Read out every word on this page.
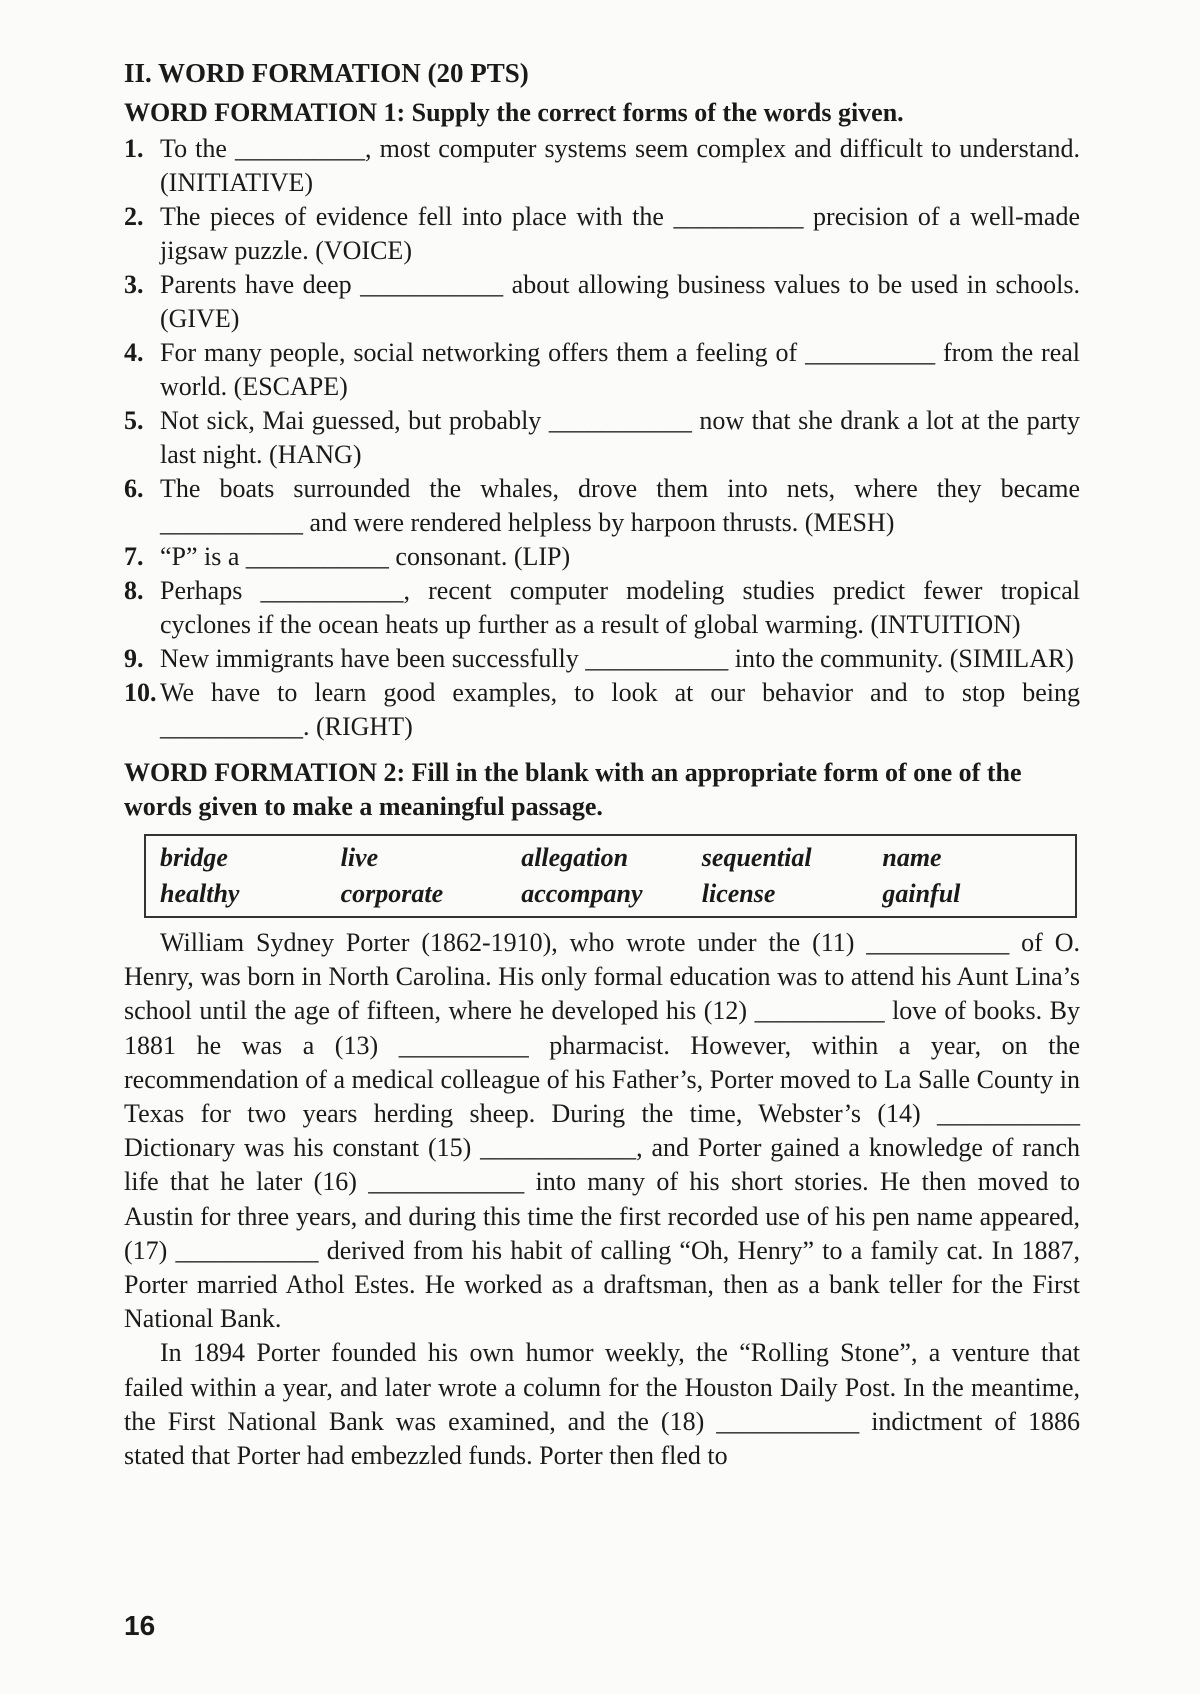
II. WORD FORMATION (20 PTS)
WORD FORMATION 1: Supply the correct forms of the words given.
1. To the __________, most computer systems seem complex and difficult to understand. (INITIATIVE)
2. The pieces of evidence fell into place with the __________ precision of a well-made jigsaw puzzle. (VOICE)
3. Parents have deep ___________ about allowing business values to be used in schools. (GIVE)
4. For many people, social networking offers them a feeling of __________ from the real world. (ESCAPE)
5. Not sick, Mai guessed, but probably ___________ now that she drank a lot at the party last night. (HANG)
6. The boats surrounded the whales, drove them into nets, where they became ___________ and were rendered helpless by harpoon thrusts. (MESH)
7. “P” is a ___________ consonant. (LIP)
8. Perhaps ___________, recent computer modeling studies predict fewer tropical cyclones if the ocean heats up further as a result of global warming. (INTUITION)
9. New immigrants have been successfully ___________ into the community. (SIMILAR)
10. We have to learn good examples, to look at our behavior and to stop being ___________. (RIGHT)
WORD FORMATION 2: Fill in the blank with an appropriate form of one of the words given to make a meaningful passage.
bridge	live	allegation	sequential	name
healthy	corporate	accompany	license	gainful

William Sydney Porter (1862-1910), who wrote under the (11) ___________ of O. Henry, was born in North Carolina. His only formal education was to attend his Aunt Lina’s school until the age of fifteen, where he developed his (12) __________ love of books. By 1881 he was a (13) __________ pharmacist. However, within a year, on the recommendation of a medical colleague of his Father’s, Porter moved to La Salle County in Texas for two years herding sheep. During the time, Webster’s (14) ___________ Dictionary was his constant (15) ____________, and Porter gained a knowledge of ranch life that he later (16) ____________ into many of his short stories. He then moved to Austin for three years, and during this time the first recorded use of his pen name appeared, (17) ___________ derived from his habit of calling “Oh, Henry” to a family cat. In 1887, Porter married Athol Estes. He worked as a draftsman, then as a bank teller for the First National Bank.

In 1894 Porter founded his own humor weekly, the “Rolling Stone”, a venture that failed within a year, and later wrote a column for the Houston Daily Post. In the meantime, the First National Bank was examined, and the (18) ___________ indictment of 1886 stated that Porter had embezzled funds. Porter then fled to

16
